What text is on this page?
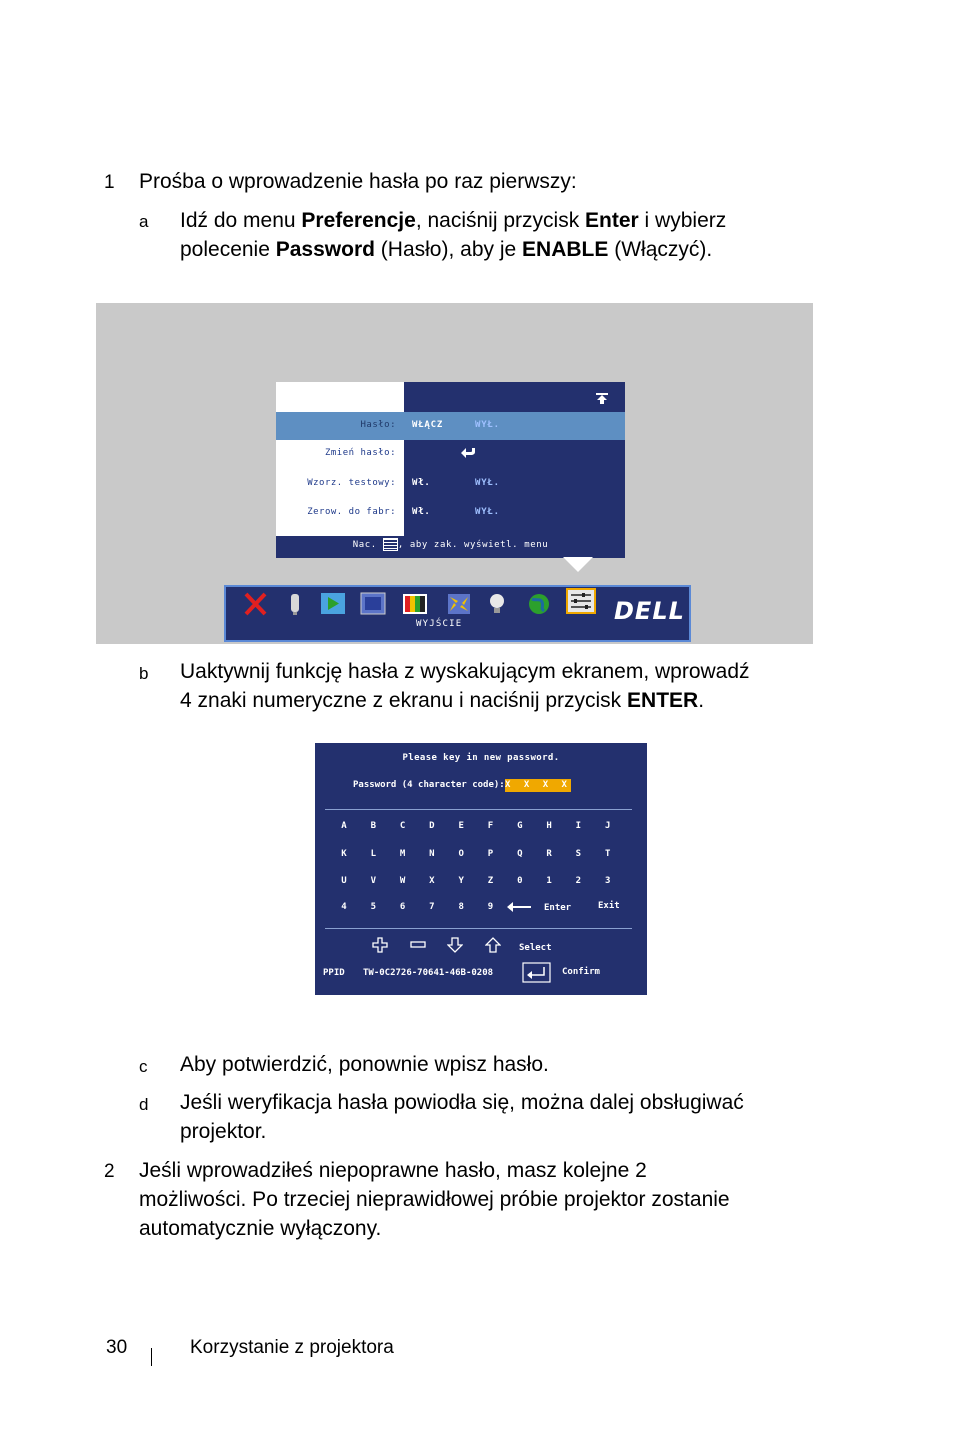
1 Prośba o wprowadzenie hasła po raz pierwszy:
a Idź do menu Preferencje, naciśnij przycisk Enter i wybierz
polecenie Password (Hasło), aby je ENABLE (Włączyć).
Hasło: WŁĄCZ	WYŁ.
Zmień hasło:
Wzorz. testowy: Wł.	WYŁ.
Zerow. do fabr: Wł.	WYŁ.
Nac. , aby zak. wyświetl. menu
DELL
WYJŚCIE
b Uaktywnij funkcję hasła z wyskakującym ekranem, wprowadź
4 znaki numeryczne z ekranu i naciśnij przycisk ENTER.
Please key in new password.
Password (4 character code): X X X X
A	B	C	D	E	F	G	H	I	J
K	L	M	N	O	P	Q	R	S	T
U	V	W	X	Y	Z	0	1	2	3
4	5	6	7	8	9	Enter	Exit
Select
PPID TW-0C2726-70641-46B-0208	Confirm
c Aby potwierdzić, ponownie wpisz hasło.
d Jeśli weryfikacja hasła powiodła się, można dalej obsługiwać
projektor.
2 Jeśli wprowadziłeś niepoprawne hasło, masz kolejne 2
możliwości. Po trzeciej nieprawidłowej próbie projektor zostanie
automatycznie wyłączony.
30	Korzystanie z projektora
